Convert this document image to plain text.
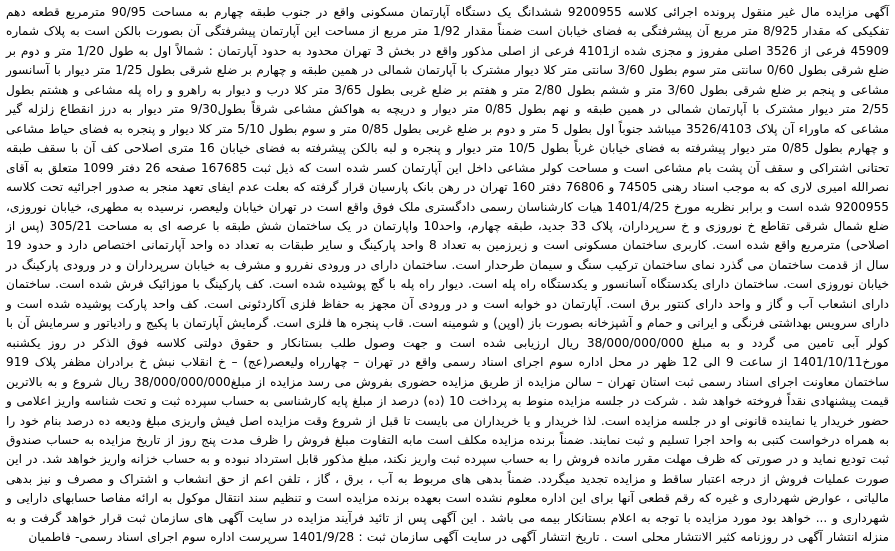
آگهی مزایده مال غیر منقول پرونده اجرائی کلاسه 9200955 ششدانگ یک دستگاه آپارتمان مسکونی واقع در جنوب طبقه چهارم به مساحت 90/95 مترمربع قطعه دهم تفکیکی که مقدار 8/925 متر مربع آن پیشرفتگی به فضای خیابان است ضمناً مقدار 1/92 متر مربع از مساحت این آپارتمان پیشرفتگی آن بصورت بالکن است به پلاک شماره 45909 فرعی از 3526 اصلی مفروز و مجزی شده از4101 فرعی از اصلی مذکور واقع در بخش 3 تهران محدود به حدود آپارتمان : شمالاً اول به طول 1/20 متر و دوم بر ضلع شرقی بطول 0/60 سانتی متر سوم بطول 3/60 سانتی متر کلا دیوار مشترک با آپارتمان شمالی در همین طبقه و چهارم بر ضلع شرقی بطول 1/25 متر دیوار با آسانسور مشاعی و پنجم بر ضلع شرقی بطول 3/60 متر و ششم بطول 2/80 متر و هفتم بر ضلع غربی بطول 3/65 متر کلا درب و دیوار به راهرو و راه پله مشاعی و هشتم بطول 2/55 متر دیوار مشترک با آپارتمان شمالی در همین طبقه و نهم بطول 0/85 متر دیوار و دریچه به هواکش مشاعی شرقاً بطول9/30 متر دیوار به درز انقطاع زلزله گیر مشاعی که ماوراء آن پلاک 3526/4103 میباشد جنوباً اول بطول 5 متر و دوم بر ضلع غربی بطول 0/85 متر و سوم بطول 5/10 متر کلا دیوار و پنجره به فضای حیاط مشاعی و چهارم بطول 0/85 متر دیوار پیشرفته به فضای خیابان غرباً بطول 10/5 متر دیوار و پنجره و لبه بالکن پیشرفته به فضای خیابان 16 متری اصلاحی کف آن با سقف طبقه تحتانی اشتراکی و سقف آن پشت بام مشاعی است و مساحت کولر مشاعی داخل این آپارتمان کسر شده است که ذیل ثبت 167685 صفحه 26 دفتر 1099 متعلق به آقای نصرالله امیری لاری که به موجب اسناد رهنی 74505 و 76806 دفتر 160 تهران در رهن بانک پارسیان قرار گرفته که بعلت عدم ایفای تعهد منجر به صدور اجرائیه تحت کلاسه 9200955 شده است و برابر نظریه مورخ 1401/4/25 هیات کارشناسان رسمی دادگستری ملک فوق واقع است در تهران خیابان ولیعصر، نرسیده به مطهری، خیابان نوروزی، ضلع شمال شرقی تقاطع خ نوروزی و خ سرپرداران، پلاک 33 جدید، طبقه چهارم، واحد10 واپارتمان در یک ساختمان شش طبقه با عرصه ای به مساحت 305/21 (پس از اصلاحی) مترمربع واقع شده است. کاربری ساختمان مسکونی است و زیرزمین به تعداد 8 واحد پارکینگ و سایر طبقات به تعداد ده واحد آپارتمانی اختصاص دارد و حدود 19 سال از قدمت ساختمان می گذرد نمای ساختمان ترکیب سنگ و سیمان طرحدار است. ساختمان دارای در ورودی نفررو و مشرف به خیابان سرپرداران و در ورودی پارکینگ در خیابان نوروزی است. ساختمان دارای یکدستگاه آسانسور و یکدستگاه راه پله است. دیوار راه پله با گچ پوشیده شده است. کف پارکینگ با موزائیک فرش شده است. ساختمان دارای انشعاب آب و گاز و واحد دارای کنتور برق است. آپارتمان دو خوابه است و در ورودی آن مجهز به حفاظ فلزی آکاردئونی است. کف واحد پارکت پوشیده شده است و دارای سرویس بهداشتی فرنگی و ایرانی و حمام و آشپزخانه بصورت باز (اوپن) و شومینه است. قاب پنجره ها فلزی است. گرمایش آپارتمان با پکیج و رادیاتور و سرمایش آن با کولر آبی تامین می گردد و به مبلغ 38/000/000/000 ریال ارزیابی شده است و جهت وصول طلب بستانکار و حقوق دولتی کلاسه فوق الذکر در روز یکشنبه مورخ1401/10/11 از ساعت 9 الی 12 ظهر در محل اداره سوم اجرای اسناد رسمی واقع در تهران – چهارراه ولیعصر(عج) – خ انقلاب نبش خ برادران مظفر پلاک 919 ساختمان معاونت اجرای اسناد رسمی ثبت استان تهران – سالن مزایده از طریق مزایده حضوری بفروش می رسد مزایده از مبلغ38/000/000/000 ریال شروع و به بالاترین قیمت پیشنهادی نقداً فروخته خواهد شد . شرکت در جلسه مزایده منوط به پرداخت 10 (ده) درصد از مبلغ پایه کارشناسی به حساب سپرده ثبت و تحت شناسه واریز اعلامی و حضور خریدار یا نماینده قانونی او در جلسه مزایده است. لذا خریدار و یا خریداران می بایست تا قبل از شروع وقت مزایده اصل فیش واریزی مبلغ ودیعه ده درصد بنام خود را به همراه درخواست کتبی به واحد اجرا تسلیم و ثبت نمایند. ضمناً برنده مزایده مکلف است مابه التفاوت مبلغ فروش را ظرف مدت پنج روز از تاریخ مزایده به حساب صندوق ثبت تودیع نماید و در صورتی که ظرف مهلت مقرر مانده فروش را به حساب سپرده ثبت واریز نکند، مبلغ مذکور قابل استرداد نبوده و به حساب خزانه واریز خواهد شد. در این صورت عملیات فروش از درجه اعتبار ساقط و مزایده تجدید میگردد. ضمناً بدهی های مربوط به آب ، برق ، گاز ، تلفن اعم از حق انشعاب و اشتراک و مصرف و نیز بدهی مالیاتی ، عوارض شهرداری و غیره که رقم قطعی آنها برای این اداره معلوم نشده است بعهده برنده مزایده است و تنظیم سند انتقال موکول به ارائه مفاصا حسابهای دارایی و شهرداری و ... خواهد بود مورد مزایده با توجه به اعلام بستانکار بیمه می باشد . این آگهی پس از تائید فرآیند مزایده در سایت آگهی های سازمان ثبت قرار خواهد گرفت و به منزله انتشار آگهی در روزنامه کثیر الانتشار محلی است . تاریخ انتشار آگهی در سایت آگهی سازمان ثبت : 1401/9/28 سرپرست اداره سوم اجرای اسناد رسمی- فاطمیان
